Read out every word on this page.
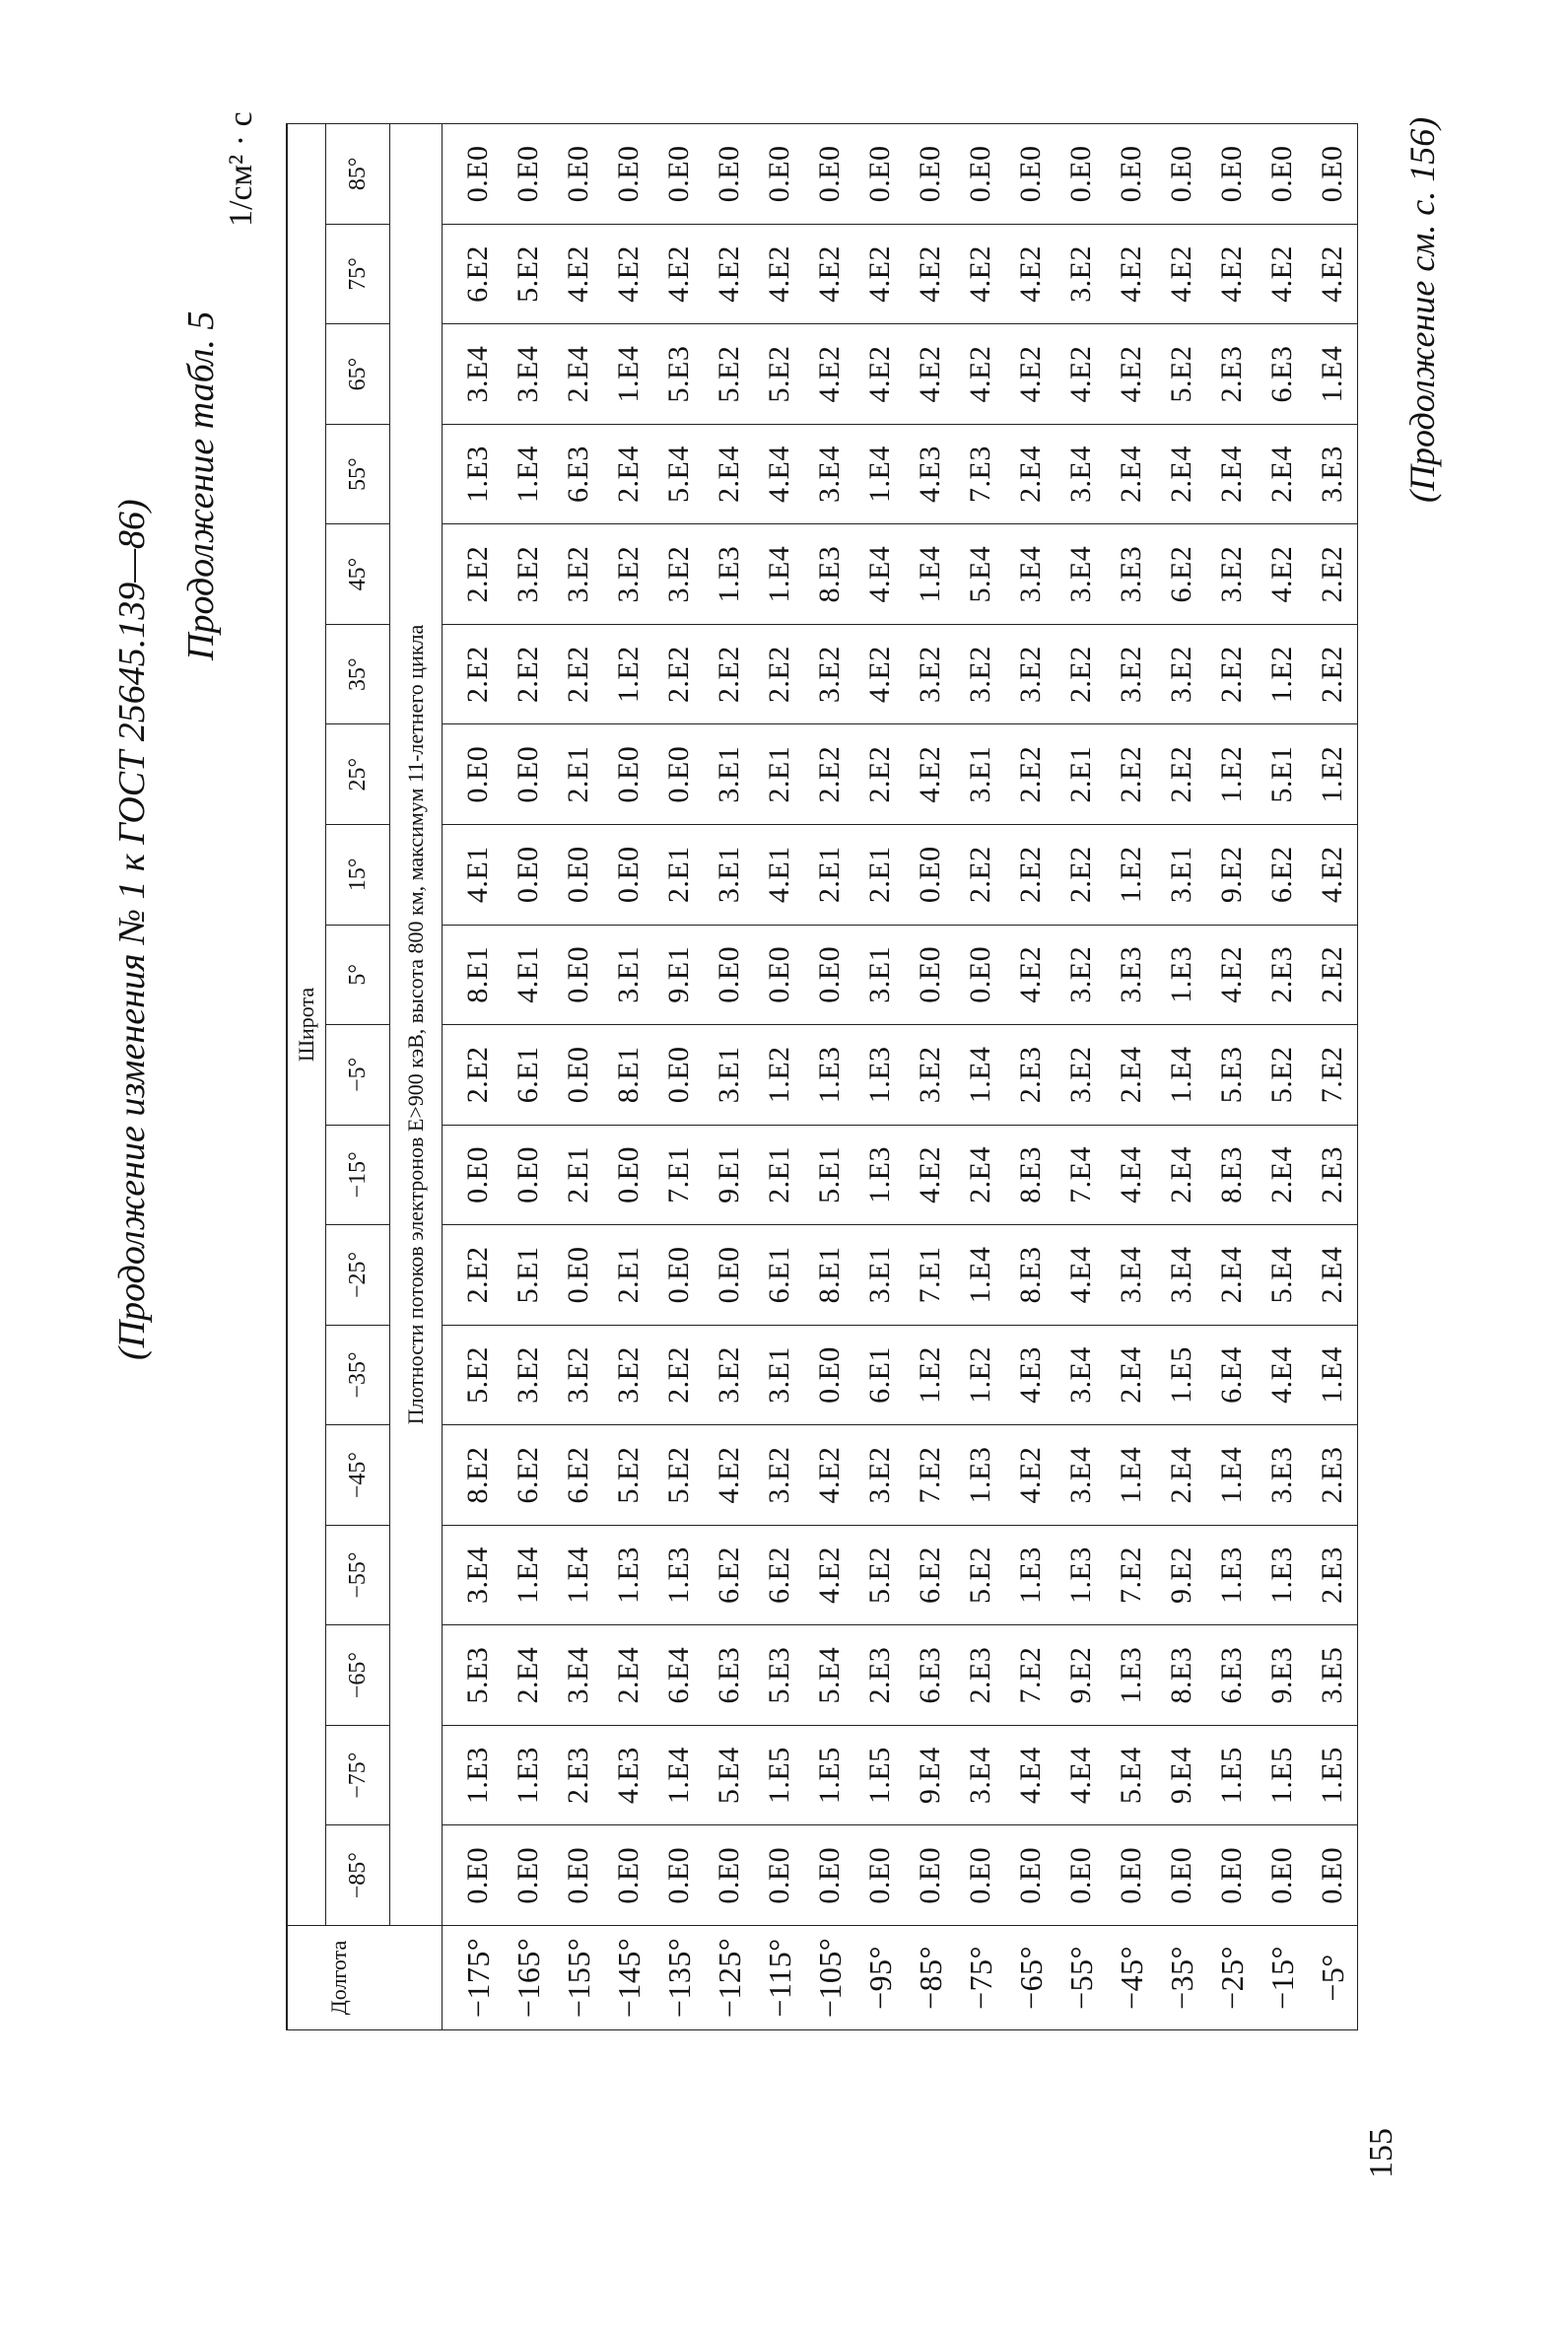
(Продолжение изменения № 1 к ГОСТ 25645.139—86)
Продолжение табл. 5
1/см² · с
Долгота	Широта																	
	−85°	−75°	−65°	−55°	−45°	−35°	−25°	−15°	−5°	5°	15°	25°	35°	45°	55°	65°	75°	85°
	Плотности потоков электронов E>900 кэВ, высота 800 км, максимум 11-летнего цикла																	
−175°	0.E0	1.E3	5.E3	3.E4	8.E2	5.E2	2.E2	0.E0	2.E2	8.E1	4.E1	0.E0	2.E2	2.E2	1.E3	3.E4	6.E2	0.E0
−165°	0.E0	1.E3	2.E4	1.E4	6.E2	3.E2	5.E1	0.E0	6.E1	4.E1	0.E0	0.E0	2.E2	3.E2	1.E4	3.E4	5.E2	0.E0
−155°	0.E0	2.E3	3.E4	1.E4	6.E2	3.E2	0.E0	2.E1	0.E0	0.E0	0.E0	2.E1	2.E2	3.E2	6.E3	2.E4	4.E2	0.E0
−145°	0.E0	4.E3	2.E4	1.E3	5.E2	3.E2	2.E1	0.E0	8.E1	3.E1	0.E0	0.E0	1.E2	3.E2	2.E4	1.E4	4.E2	0.E0
−135°	0.E0	1.E4	6.E4	1.E3	5.E2	2.E2	0.E0	7.E1	0.E0	9.E1	2.E1	0.E0	2.E2	3.E2	5.E4	5.E3	4.E2	0.E0
−125°	0.E0	5.E4	6.E3	6.E2	4.E2	3.E2	0.E0	9.E1	3.E1	0.E0	3.E1	3.E1	2.E2	1.E3	2.E4	5.E2	4.E2	0.E0
−115°	0.E0	1.E5	5.E3	6.E2	3.E2	3.E1	6.E1	2.E1	1.E2	0.E0	4.E1	2.E1	2.E2	1.E4	4.E4	5.E2	4.E2	0.E0
−105°	0.E0	1.E5	5.E4	4.E2	4.E2	0.E0	8.E1	5.E1	1.E3	0.E0	2.E1	2.E2	3.E2	8.E3	3.E4	4.E2	4.E2	0.E0
−95°	0.E0	1.E5	2.E3	5.E2	3.E2	6.E1	3.E1	1.E3	1.E3	3.E1	2.E1	2.E2	4.E2	4.E4	1.E4	4.E2	4.E2	0.E0
−85°	0.E0	9.E4	6.E3	6.E2	7.E2	1.E2	7.E1	4.E2	3.E2	0.E0	0.E0	4.E2	3.E2	1.E4	4.E3	4.E2	4.E2	0.E0
−75°	0.E0	3.E4	2.E3	5.E2	1.E3	1.E2	1.E4	2.E4	1.E4	0.E0	2.E2	3.E1	3.E2	5.E4	7.E3	4.E2	4.E2	0.E0
−65°	0.E0	4.E4	7.E2	1.E3	4.E2	4.E3	8.E3	8.E3	2.E3	4.E2	2.E2	2.E2	3.E2	3.E4	2.E4	4.E2	4.E2	0.E0
−55°	0.E0	4.E4	9.E2	1.E3	3.E4	3.E4	4.E4	7.E4	3.E2	3.E2	2.E2	2.E1	2.E2	3.E4	3.E4	4.E2	3.E2	0.E0
−45°	0.E0	5.E4	1.E3	7.E2	1.E4	2.E4	3.E4	4.E4	2.E4	3.E3	1.E2	2.E2	3.E2	3.E3	2.E4	4.E2	4.E2	0.E0
−35°	0.E0	9.E4	8.E3	9.E2	2.E4	1.E5	3.E4	2.E4	1.E4	1.E3	3.E1	2.E2	3.E2	6.E2	2.E4	5.E2	4.E2	0.E0
−25°	0.E0	1.E5	6.E3	1.E3	1.E4	6.E4	2.E4	8.E3	5.E3	4.E2	9.E2	1.E2	2.E2	3.E2	2.E4	2.E3	4.E2	0.E0
−15°	0.E0	1.E5	9.E3	1.E3	3.E3	4.E4	5.E4	2.E4	5.E2	2.E3	6.E2	5.E1	1.E2	4.E2	2.E4	6.E3	4.E2	0.E0
−5°	0.E0	1.E5	3.E5	2.E3	2.E3	1.E4	2.E4	2.E3	7.E2	2.E2	4.E2	1.E2	2.E2	2.E2	3.E3	1.E4	4.E2	0.E0 (Продолжение см. с. 156)
155
